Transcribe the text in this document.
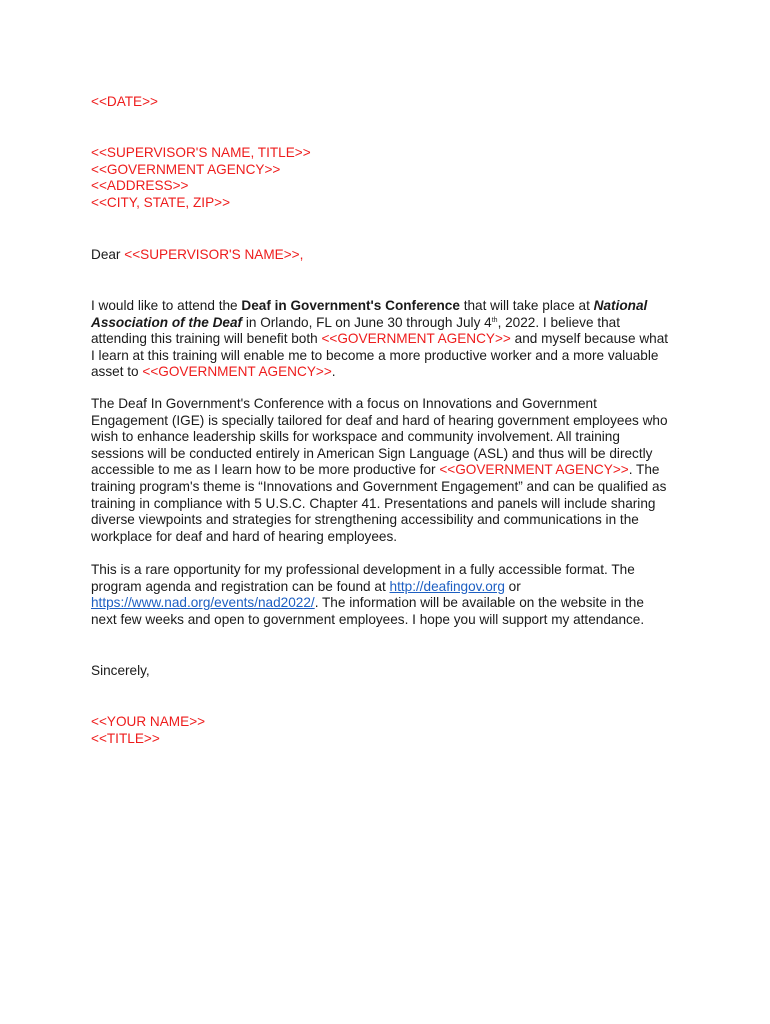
<<DATE>>
<<SUPERVISOR'S NAME, TITLE>>
<<GOVERNMENT AGENCY>>
<<ADDRESS>>
<<CITY, STATE, ZIP>>
Dear <<SUPERVISOR'S NAME>>,
I would like to attend the Deaf in Government's Conference that will take place at National
Association of the Deaf in Orlando, FL on June 30 through July 4th, 2022. I believe that
attending this training will benefit both <<GOVERNMENT AGENCY>> and myself because what
I learn at this training will enable me to become a more productive worker and a more valuable
asset to <<GOVERNMENT AGENCY>>.
The Deaf In Government's Conference with a focus on Innovations and Government
Engagement (IGE) is specially tailored for deaf and hard of hearing government employees who
wish to enhance leadership skills for workspace and community involvement. All training
sessions will be conducted entirely in American Sign Language (ASL) and thus will be directly
accessible to me as I learn how to be more productive for <<GOVERNMENT AGENCY>>. The
training program's theme is “Innovations and Government Engagement” and can be qualified as
training in compliance with 5 U.S.C. Chapter 41. Presentations and panels will include sharing
diverse viewpoints and strategies for strengthening accessibility and communications in the
workplace for deaf and hard of hearing employees.
This is a rare opportunity for my professional development in a fully accessible format. The
program agenda and registration can be found at http://deafingov.org or
https://www.nad.org/events/nad2022/. The information will be available on the website in the
next few weeks and open to government employees. I hope you will support my attendance.
Sincerely,
<<YOUR NAME>>
<<TITLE>>
